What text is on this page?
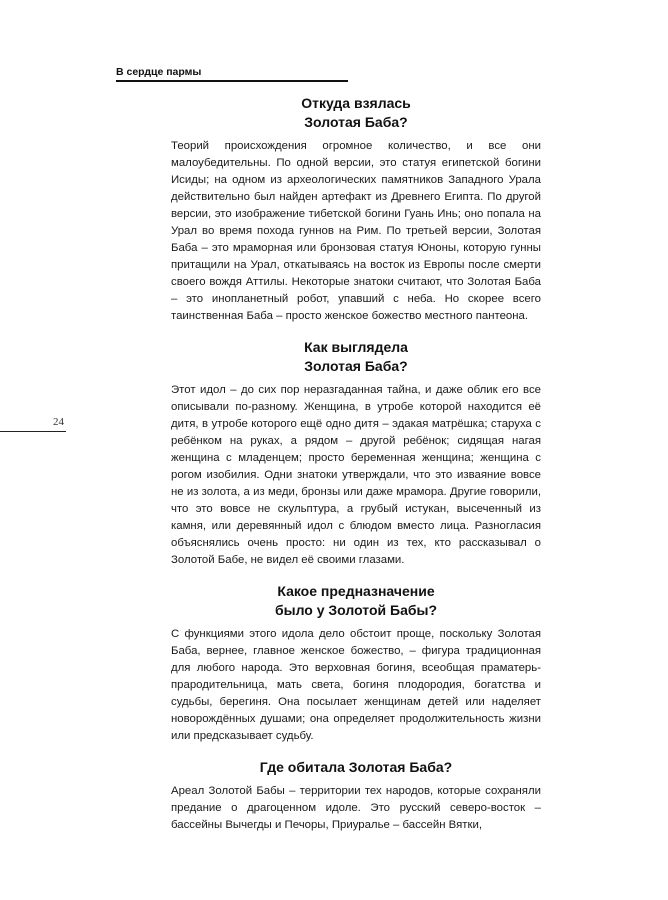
В сердце пармы
24
Откуда взялась
Золотая Баба?

Теорий происхождения огромное количество, и все они малоубедительны. По одной версии, это статуя египетской богини Исиды; на одном из археологических памятников Западного Урала действительно был найден артефакт из Древнего Египта. По другой версии, это изображение тибетской богини Гуань Инь; оно попала на Урал во время похода гуннов на Рим. По третьей версии, Золотая Баба – это мраморная или бронзовая статуя Юноны, которую гунны притащили на Урал, откатываясь на восток из Европы после смерти своего вождя Аттилы. Некоторые знатоки считают, что Золотая Баба – это инопланетный робот, упавший с неба. Но скорее всего таинственная Баба – просто женское божество местного пантеона.

Как выглядела
Золотая Баба?

Этот идол – до сих пор неразгаданная тайна, и даже облик его все описывали по-разному. Женщина, в утробе которой находится её дитя, в утробе которого ещё одно дитя – эдакая матрёшка; старуха с ребёнком на руках, а рядом – другой ребёнок; сидящая нагая женщина с младенцем; просто беременная женщина; женщина с рогом изобилия. Одни знатоки утверждали, что это изваяние вовсе не из золота, а из меди, бронзы или даже мрамора. Другие говорили, что это вовсе не скульптура, а грубый истукан, высеченный из камня, или деревянный идол с блюдом вместо лица. Разногласия объяснялись очень просто: ни один из тех, кто рассказывал о Золотой Бабе, не видел её своими глазами.

Какое предназначение
было у Золотой Бабы?

С функциями этого идола дело обстоит проще, поскольку Золотая Баба, вернее, главное женское божество, – фигура традиционная для любого народа. Это верховная богиня, всеобщая праматерь-прародительница, мать света, богиня плодородия, богатства и судьбы, берегиня. Она посылает женщинам детей или наделяет новорождённых душами; она определяет продолжительность жизни или предсказывает судьбу.

Где обитала Золотая Баба?

Ареал Золотой Бабы – территории тех народов, которые сохраняли предание о драгоценном идоле. Это русский северо-восток – бассейны Вычегды и Печоры, Приуралье – бассейн Вятки,
